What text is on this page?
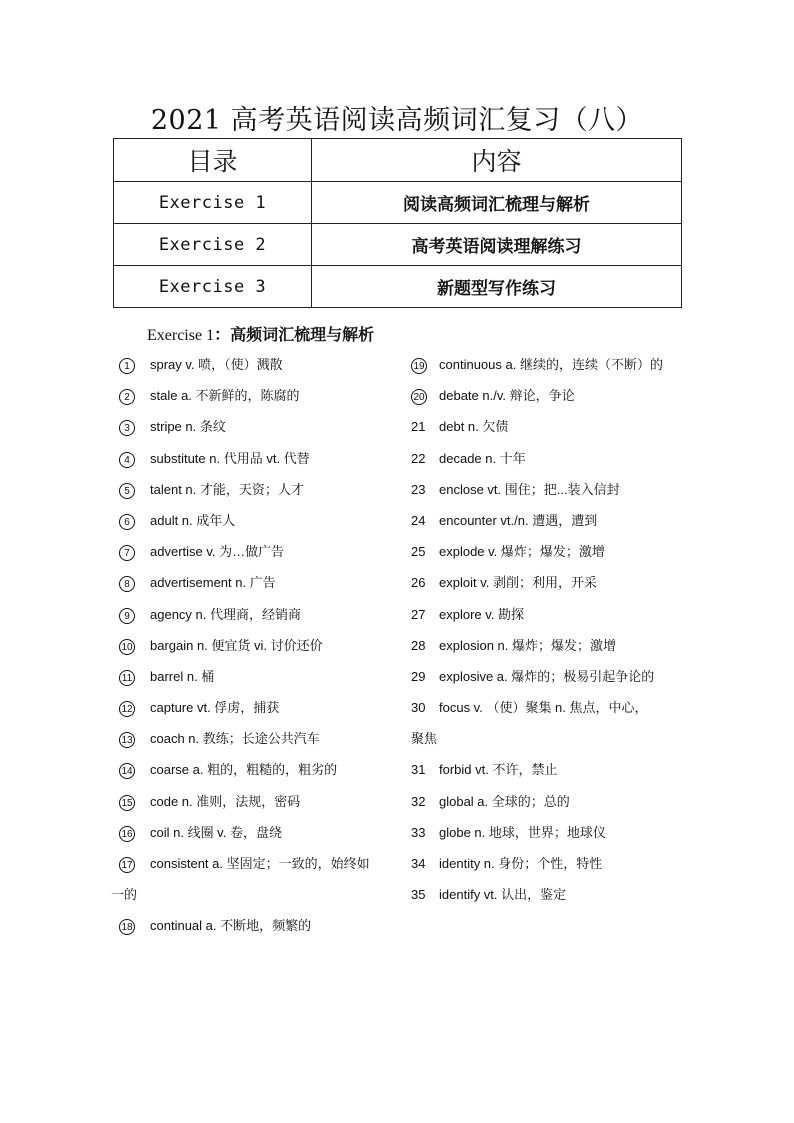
2021 高考英语阅读高频词汇复习（八）
目录	内容
Exercise 1	阅读高频词汇梳理与解析
Exercise 2	高考英语阅读理解练习
Exercise 3	新题型写作练习
Exercise 1：高频词汇梳理与解析
1	spray v. 喷，（使）溅散
2	stale a. 不新鲜的，陈腐的
3	stripe n. 条纹
4	substitute n. 代用品 vt. 代替
5	talent n. 才能，天资；人才
6	adult n. 成年人
7	advertise v. 为…做广告
8	advertisement n. 广告
9	agency n. 代理商，经销商
10	bargain n. 便宜货 vi. 讨价还价
11	barrel n. 桶
12	capture vt. 俘虏，捕获
13	coach n. 教练；长途公共汽车
14	coarse a. 粗的，粗糙的，粗劣的
15	code n. 准则，法规，密码
16	coil n. 线圈 v. 卷，盘绕
17	consistent a. 坚固定；一致的，始终如
一的
18	continual a. 不断地，频繁的
19	continuous a. 继续的，连续（不断）的
20	debate n./v. 辩论，争论
21	debt n. 欠债
22	decade n. 十年
23	enclose vt. 围住；把...装入信封
24	encounter vt./n. 遭遇，遭到
25	explode v. 爆炸；爆发；激增
26	exploit v. 剥削；利用，开采
27	explore v. 勘探
28	explosion n. 爆炸；爆发；激增
29	explosive a. 爆炸的；极易引起争论的
30	focus v. （使）聚集 n. 焦点，中心，
聚焦
31	forbid vt. 不许，禁止
32	global a. 全球的；总的
33	globe n. 地球，世界；地球仪
34	identity n. 身份；个性，特性
35	identify vt. 认出，鉴定
